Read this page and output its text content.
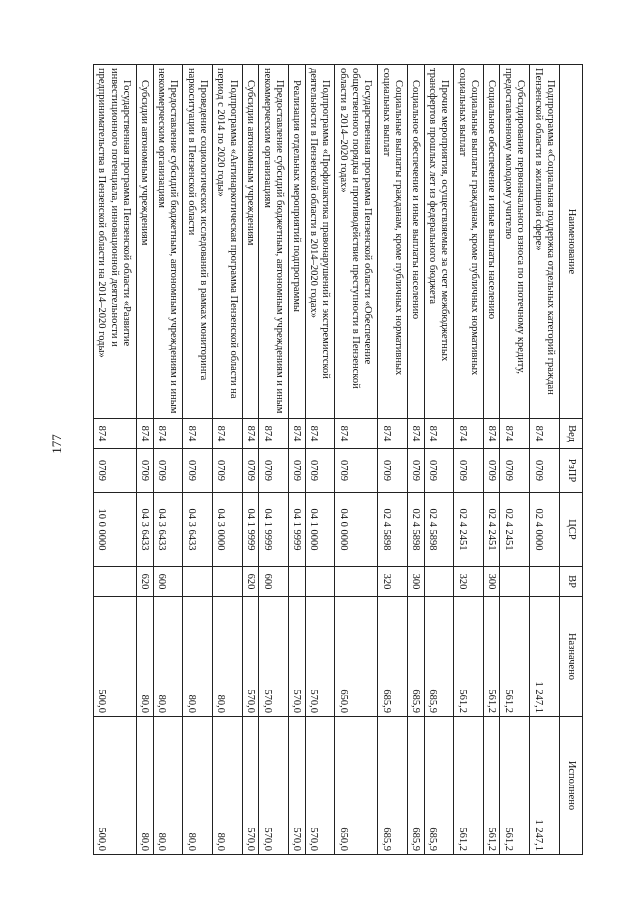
177
Наименование	Вед	РзПР	ЦСР	ВР	Назначено	Исполнено

Подпрограмма «Социальная поддержка отдельных категорий граждан Пензенской области в жилищной сфере»	874	0709	02 4 0000		1 247,1	1 247,1

Субсидирование первоначального взноса по ипотечному кредиту, предоставленному молодому учителю	874	0709	02 4 2451		561,2	561,2

Социальное обеспечение и иные выплаты населению	874	0709	02 4 2451	300	561,2	561,2

Социальные выплаты гражданам, кроме публичных нормативных социальных выплат	874	0709	02 4 2451	320	561,2	561,2

Прочие мероприятия, осуществляемые за счет межбюджетных трансфертов прошлых лет из федерального бюджета	874	0709	02 4 5898		685,9	685,9

Социальное обеспечение и иные выплаты населению	874	0709	02 4 5898	300	685,9	685,9

Социальные выплаты гражданам, кроме публичных нормативных социальных выплат	874	0709	02 4 5898	320	685,9	685,9

Государственная программа Пензенской области «Обеспечение общественного порядка и противодействие преступности в Пензенской области в 2014–2020 годах»	874	0709	04 0 0000		650,0	650,0

Подпрограмма «Профилактика правонарушений и экстремистской деятельности в Пензенской области в 2014–2020 годах»	874	0709	04 1 0000		570,0	570,0

Реализация отдельных мероприятий подпрограммы	874	0709	04 1 9999		570,0	570,0

Предоставление субсидий бюджетным, автономным учреждениям и иным некоммерческим организациям	874	0709	04 1 9999	600	570,0	570,0

Субсидии автономным учреждениям	874	0709	04 1 9999	620	570,0	570,0

Подпрограмма «Антинаркотическая программа Пензенской области на период с 2014 по 2020 годы»	874	0709	04 3 0000		80,0	80,0

Проведение социологических исследований в рамках мониторинга наркоситуации в Пензенской области	874	0709	04 3 6433		80,0	80,0

Предоставление субсидий бюджетным, автономным учреждениям и иным некоммерческим организациям	874	0709	04 3 6433	600	80,0	80,0

Субсидии автономным учреждениям	874	0709	04 3 6433	620	80,0	80,0

Государственная программа Пензенской области «Развитие инвестиционного потенциала, инновационной деятельности и предпринимательства в Пензенской области на 2014–2020 годы»	874	0709	10 0 0000		500,0	500,0
